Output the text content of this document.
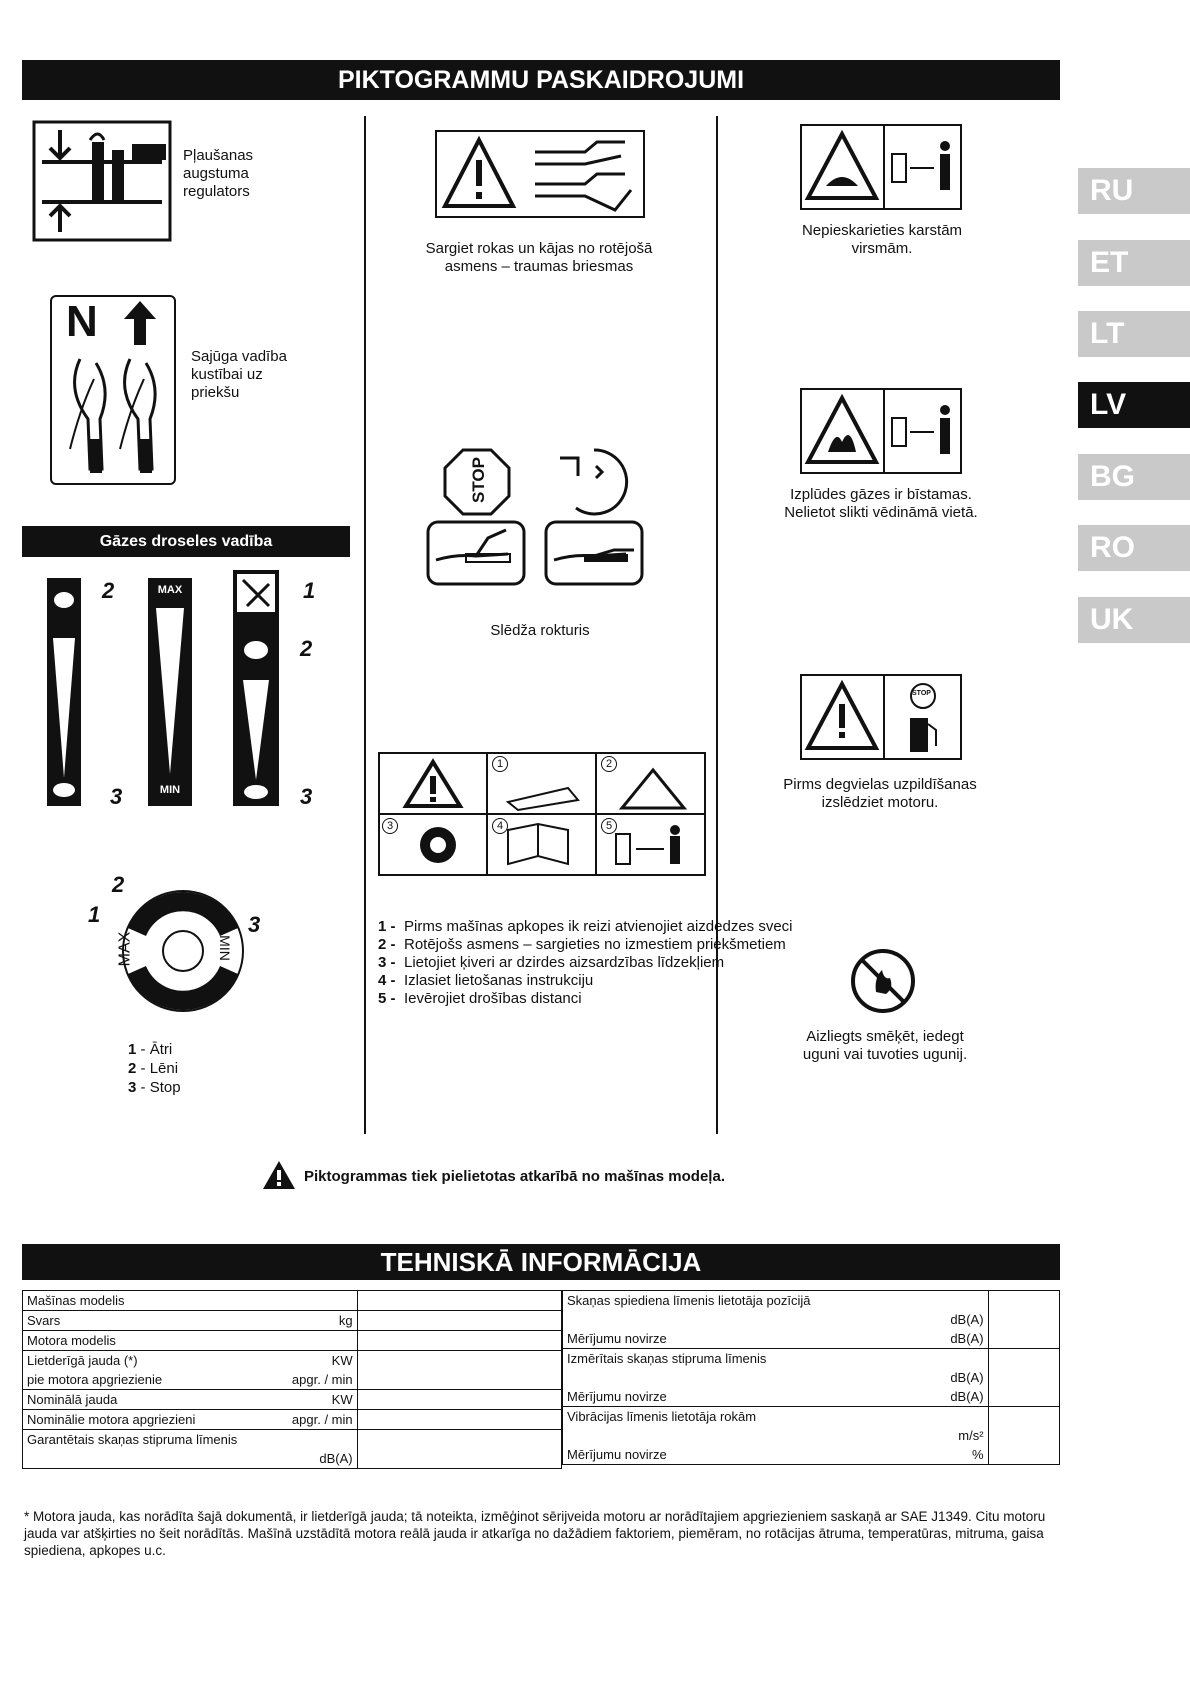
PIKTOGRAMMU PASKAIDROJUMI
RU
ET
LT
LV
BG
RO
UK
Pļaušanas augstuma regulators
N
Sajūga vadība kustībai uz priekšu
Gāzes droseles vadība
2
3
MAX
MIN
1
2
3
MAX	MIN
1
2
3
1 - Ātri
2 - Lēni
3 - Stop
Sargiet rokas un kājas no rotējošā asmens – traumas briesmas
STOP
Slēdža rokturis
1	2
3	4	5
1 - Pirms mašīnas apkopes ik reizi atvienojiet aizdedzes sveci
2 - Rotējošs asmens – sargieties no izmestiem priekšmetiem
3 - Lietojiet ķiveri ar dzirdes aizsardzības līdzekļiem
4 - Izlasiet lietošanas instrukciju
5 - Ievērojiet drošības distanci
Nepieskarieties karstām virsmām.
Izplūdes gāzes ir bīstamas. Nelietot slikti vēdināmā vietā.
STOP
Pirms degvielas uzpildīšanas izslēdziet motoru.
Aizliegts smēķēt, iedegt uguni vai tuvoties ugunij.
Piktogrammas tiek pielietotas atkarībā no mašīnas modeļa.
TEHNISKĀ INFORMĀCIJA
Mašīnas modelis	
Svars kg	

Motora modelis	
Lietderīgā jauda (*) KW	

pie motora apgriezienie apgr. / min	

Nominālā jauda KW	

Nominālie motora apgriezieni apgr. / min	

Garantētais skaņas stipruma līmenis	

dB(A)	
Skaņas spiediena līmenis lietotāja pozīcijā	

dB(A)	

Mērījumu novirze dB(A)	

Izmērītais skaņas stipruma līmenis	

dB(A)	

Mērījumu novirze dB(A)	

Vibrācijas līmenis lietotāja rokām	

m/s²	

Mērījumu novirze %	
* Motora jauda, kas norādīta šajā dokumentā, ir lietderīgā jauda; tā noteikta, izmēģinot sērijveida motoru ar norādītajiem apgriezieniem saskaņā ar SAE J1349. Citu motoru jauda var atšķirties no šeit norādītās. Mašīnā uzstādītā motora reālā jauda ir atkarīga no dažādiem faktoriem, piemēram, no rotācijas ātruma, temperatūras, mitruma, gaisa spiediena, apkopes u.c.
